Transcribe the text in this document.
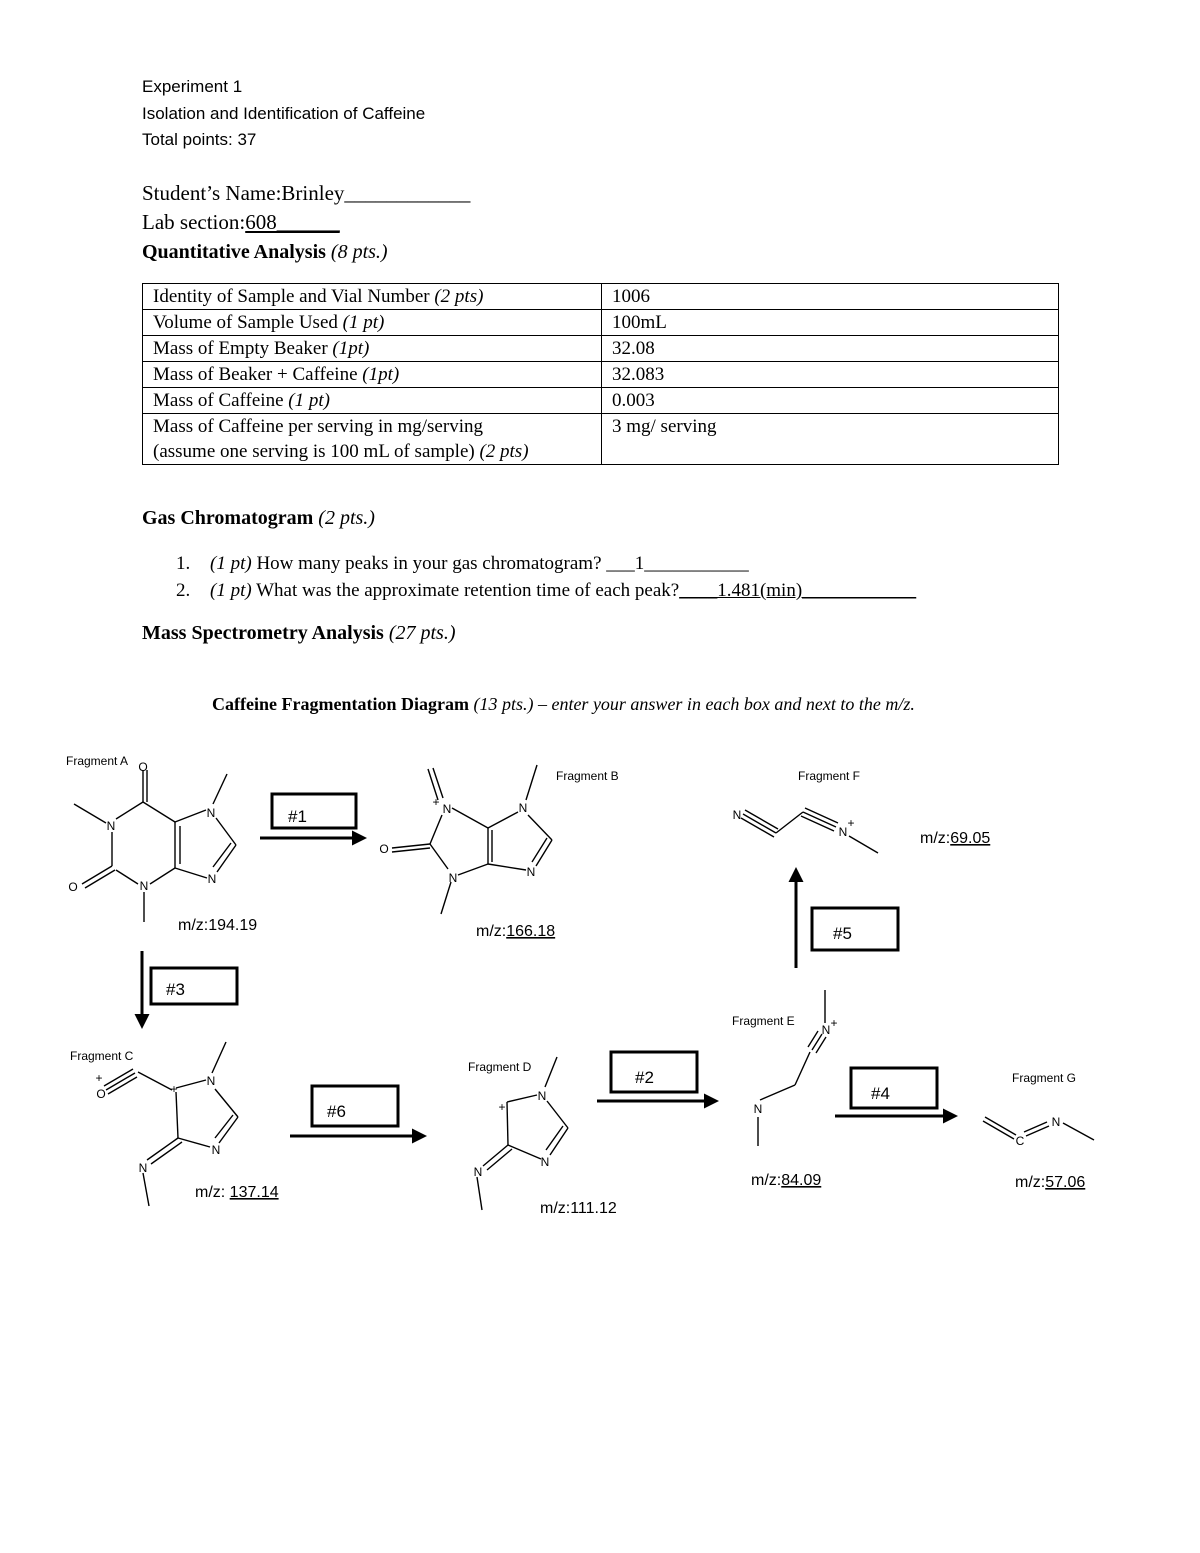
Experiment 1
Isolation and Identification of Caffeine
Total points: 37
Student’s Name:Brinley____________
Lab section:608______
Quantitative Analysis (8 pts.)
Identity of Sample and Vial Number (2 pts)	1006
Volume of Sample Used (1 pt)	100mL
Mass of Empty Beaker (1pt)	32.08
Mass of Beaker + Caffeine (1pt)	32.083
Mass of Caffeine (1 pt)	0.003
Mass of Caffeine per serving in mg/serving
(assume one serving is 100 mL of sample) (2 pts)	3 mg/ serving
Gas Chromatogram (2 pts.)
1. (1 pt) How many peaks in your gas chromatogram? ___1___________
2. (1 pt) What was the approximate retention time of each peak?____1.481(min)____________
Mass Spectrometry Analysis (27 pts.)
Caffeine Fragmentation Diagram (13 pts.) – enter your answer in each box and next to the m/z.
#1
#3
#6
#2
#4
#5
Fragment A
Fragment B
Fragment C
Fragment D
Fragment E
Fragment F
Fragment G
O
N
O	N
N
N
N
+
O
N
N
N
O
+
+
N
N
N
+
N
N
N
N
N +
N
N
+
C
N
m/z:194.19	m/z:166.18
m/z: 137.14
m/z:111.12
m/z:84.09
m/z:69.05
m/z:57.06
